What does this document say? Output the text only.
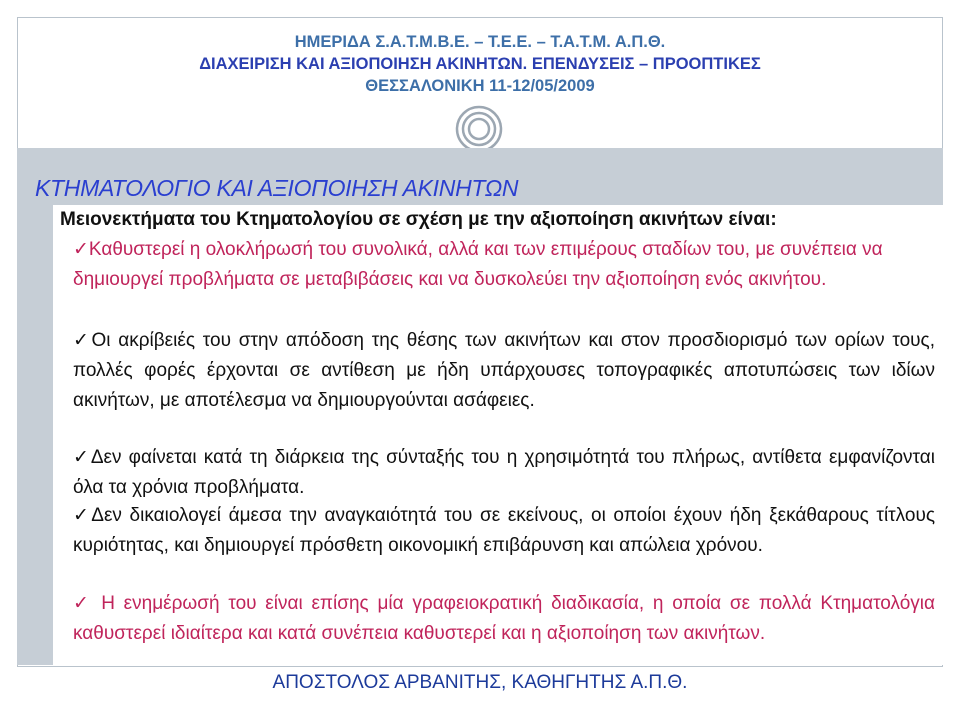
ΗΜΕΡΙΔΑ Σ.Α.Τ.Μ.Β.Ε. – Τ.Ε.Ε. – Τ.Α.Τ.Μ. Α.Π.Θ.
ΔΙΑΧΕΙΡΙΣΗ ΚΑΙ ΑΞΙΟΠΟΙΗΣΗ ΑΚΙΝΗΤΩΝ. ΕΠΕΝΔΥΣΕΙΣ – ΠΡΟΟΠΤΙΚΕΣ
ΘΕΣΣΑΛΟΝΙΚΗ 11-12/05/2009
ΚΤΗΜΑΤΟΛΟΓΙΟ ΚΑΙ ΑΞΙΟΠΟΙΗΣΗ ΑΚΙΝΗΤΩΝ
Μειονεκτήματα του Κτηματολογίου σε σχέση με την αξιοποίηση ακινήτων είναι:
✓Καθυστερεί η ολοκλήρωσή του συνολικά, αλλά και των επιμέρους σταδίων του, με συνέπεια να δημιουργεί προβλήματα σε μεταβιβάσεις και να δυσκολεύει την αξιοποίηση ενός ακινήτου.
✓Οι ακρίβειές του στην απόδοση της θέσης των ακινήτων και στον προσδιορισμό των ορίων τους, πολλές φορές έρχονται σε αντίθεση με ήδη υπάρχουσες τοπογραφικές αποτυπώσεις των ιδίων ακινήτων, με αποτέλεσμα να δημιουργούνται ασάφειες.
✓Δεν φαίνεται κατά τη διάρκεια της σύνταξής του η χρησιμότητά του πλήρως, αντίθετα εμφανίζονται όλα τα χρόνια προβλήματα.
✓Δεν δικαιολογεί άμεσα την αναγκαιότητά του σε εκείνους, οι οποίοι έχουν ήδη ξεκάθαρους τίτλους κυριότητας, και δημιουργεί πρόσθετη οικονομική επιβάρυνση και απώλεια χρόνου.
✓ Η ενημέρωσή του είναι επίσης μία γραφειοκρατική διαδικασία, η οποία σε πολλά Κτηματολόγια καθυστερεί ιδιαίτερα και κατά συνέπεια καθυστερεί και η αξιοποίηση των ακινήτων.
ΑΠΟΣΤΟΛΟΣ ΑΡΒΑΝΙΤΗΣ, ΚΑΘΗΓΗΤΗΣ Α.Π.Θ.
